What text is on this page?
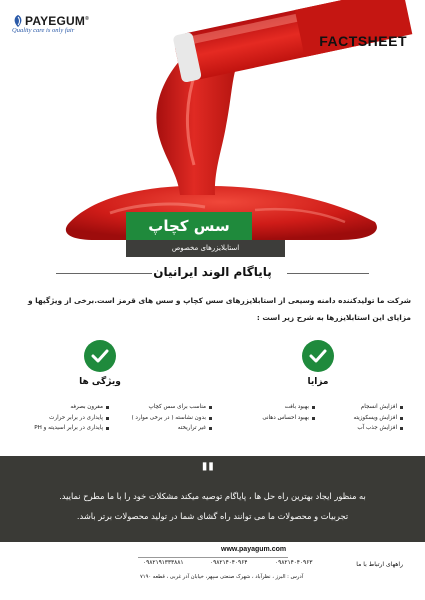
PAYEGUM®
Quality care is only fair
FACTSHEET
سس کچاپ
استابلایزرهای مخصوص
پایاگام الوند ایرانیان
شرکت ما تولیدکننده دامنه وسیعی از استابلایزرهای سس کچاپ و سس های قرمز است.برخی از ویژگیها و مزایای این استابلایزرها به شرح زیر است :
مزایا
افزایش انسجام
افزایش ویسکوزیته
افزایش جذب آب
بهبود بافت
بهبود احساس دهانی
ویژگی ها
مناسب برای سس کچاپ
بدون نشاسته ( در برخی موارد )
غیر تراریخته
مقرون بصرفه
پایداری در برابر حرارت
پایداری در برابر اسیدیته و PH
"
به منظور ایجاد بهترین راه حل ها ، پایاگام توصیه میکند مشکلات خود را با ما مطرح نمایید.
تجربیات و محصولات ما می توانند راه گشای شما در تولید محصولات برتر باشد.
www.payagum.com
راههای ارتباط با ما
۰۹۸۲۱۴۰۴۰۹۶۳
۰۹۸۲۱۴۰۴۰۹۶۴
۰۹۸۲۱۹۱۳۳۳۸۸۱
آدرس : البرز ، نظرآباد ، شهرک صنعتی سپهر، خیابان آذر غربی ، قطعه ۷۱۹۰
